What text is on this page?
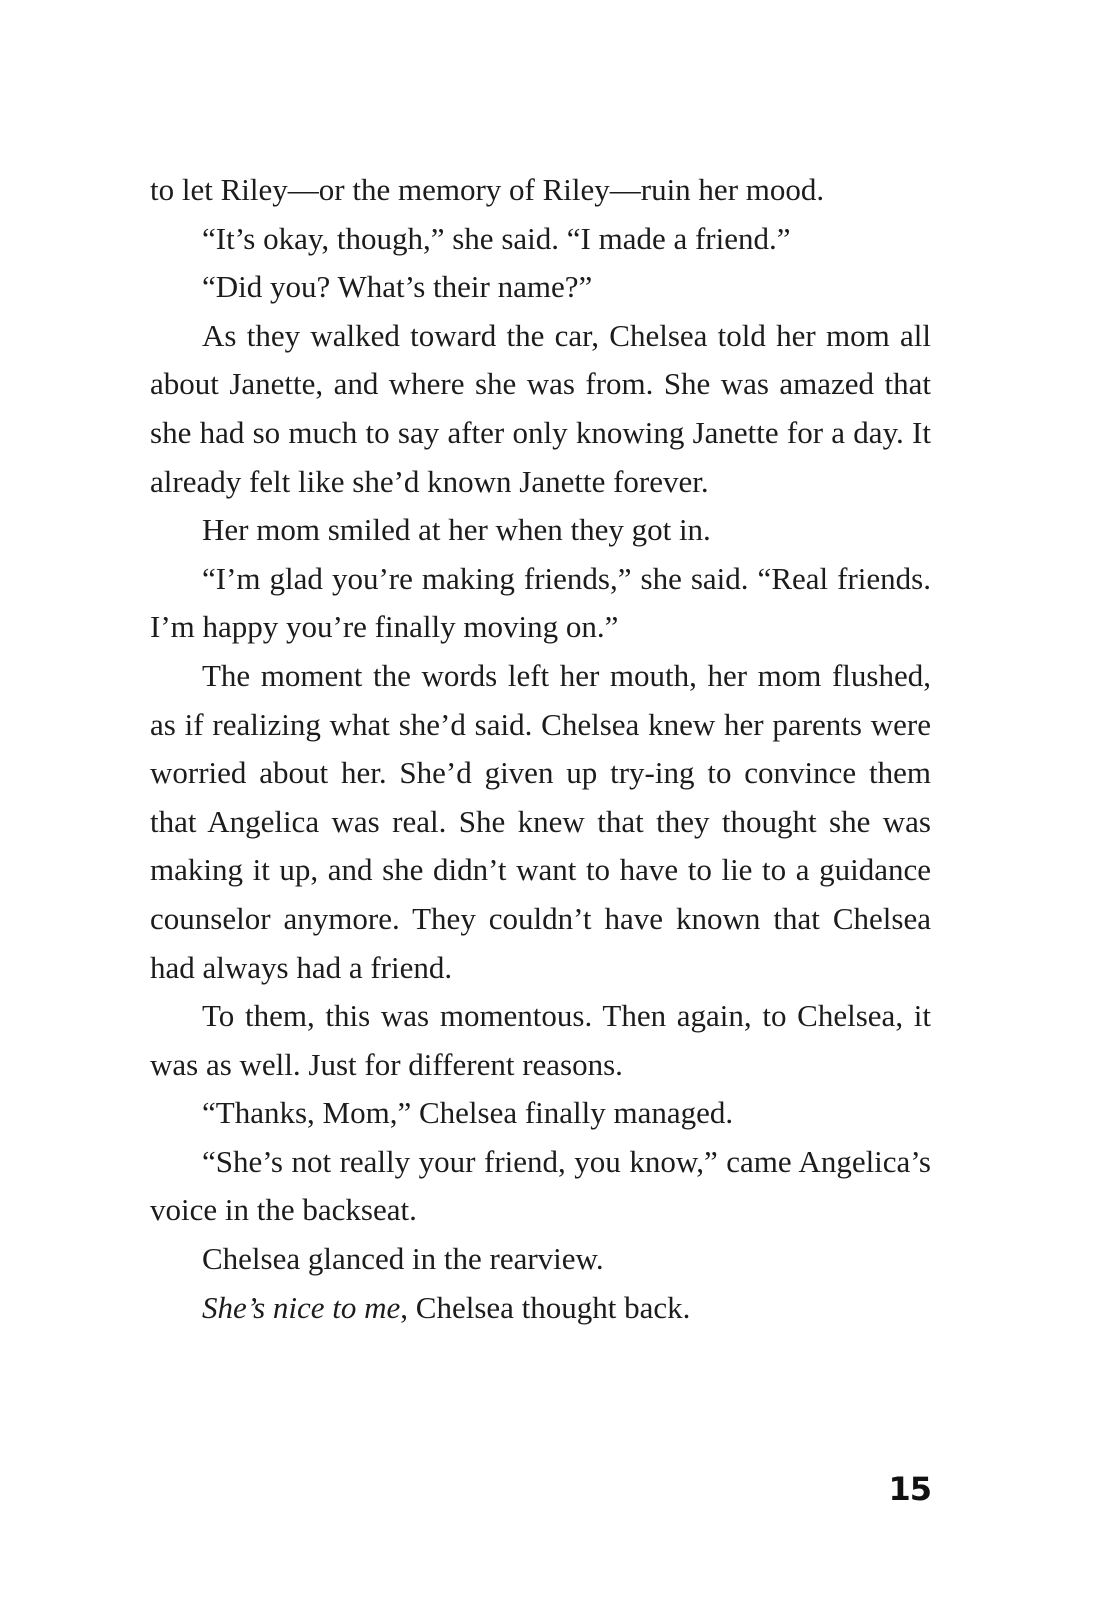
to let Riley—or the memory of Riley—ruin her mood.

“It’s okay, though,” she said. “I made a friend.”

“Did you? What’s their name?”

As they walked toward the car, Chelsea told her mom all about Janette, and where she was from. She was amazed that she had so much to say after only knowing Janette for a day. It already felt like she’d known Janette forever.

Her mom smiled at her when they got in.

“I’m glad you’re making friends,” she said. “Real friends. I’m happy you’re finally moving on.”

The moment the words left her mouth, her mom flushed, as if realizing what she’d said. Chelsea knew her parents were worried about her. She’d given up try-ing to convince them that Angelica was real. She knew that they thought she was making it up, and she didn’t want to have to lie to a guidance counselor anymore. They couldn’t have known that Chelsea had always had a friend.

To them, this was momentous. Then again, to Chelsea, it was as well. Just for different reasons.

“Thanks, Mom,” Chelsea finally managed.

“She’s not really your friend, you know,” came Angelica’s voice in the backseat.

Chelsea glanced in the rearview.

She’s nice to me, Chelsea thought back.

15
